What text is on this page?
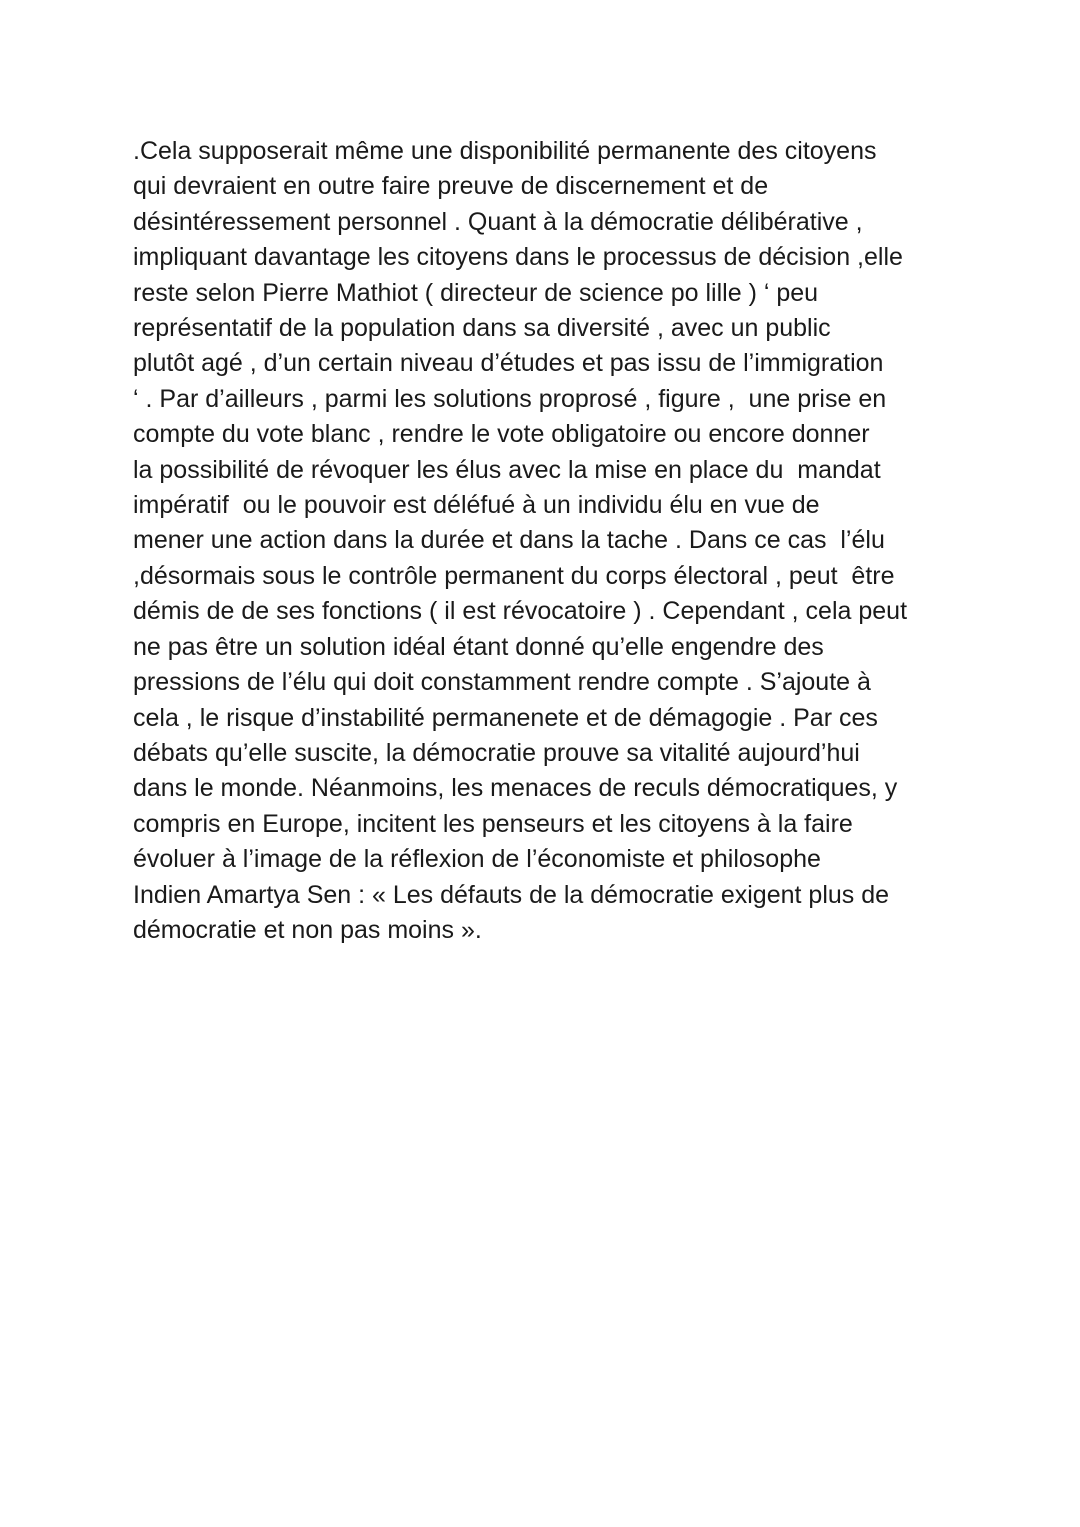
.Cela supposerait même une disponibilité permanente des citoyens
qui devraient en outre faire preuve de discernement et de
désintéressement personnel . Quant à la démocratie délibérative ,
impliquant davantage les citoyens dans le processus de décision ,elle
reste selon Pierre Mathiot ( directeur de science po lille ) ‘ peu
représentatif de la population dans sa diversité , avec un public
plutôt agé , d’un certain niveau d’études et pas issu de l’immigration
‘ . Par d’ailleurs , parmi les solutions proprosé , figure ,  une prise en
compte du vote blanc , rendre le vote obligatoire ou encore donner
la possibilité de révoquer les élus avec la mise en place du  mandat
impératif  ou le pouvoir est déléfué à un individu élu en vue de
mener une action dans la durée et dans la tache . Dans ce cas  l’élu
,désormais sous le contrôle permanent du corps électoral , peut  être
démis de de ses fonctions ( il est révocatoire ) . Cependant , cela peut
ne pas être un solution idéal étant donné qu’elle engendre des
pressions de l’élu qui doit constamment rendre compte . S’ajoute à
cela , le risque d’instabilité permanenete et de démagogie . Par ces
débats qu’elle suscite, la démocratie prouve sa vitalité aujourd’hui
dans le monde. Néanmoins, les menaces de reculs démocratiques, y
compris en Europe, incitent les penseurs et les citoyens à la faire
évoluer à l’image de la réflexion de l’économiste et philosophe
Indien Amartya Sen : « Les défauts de la démocratie exigent plus de
démocratie et non pas moins ».
